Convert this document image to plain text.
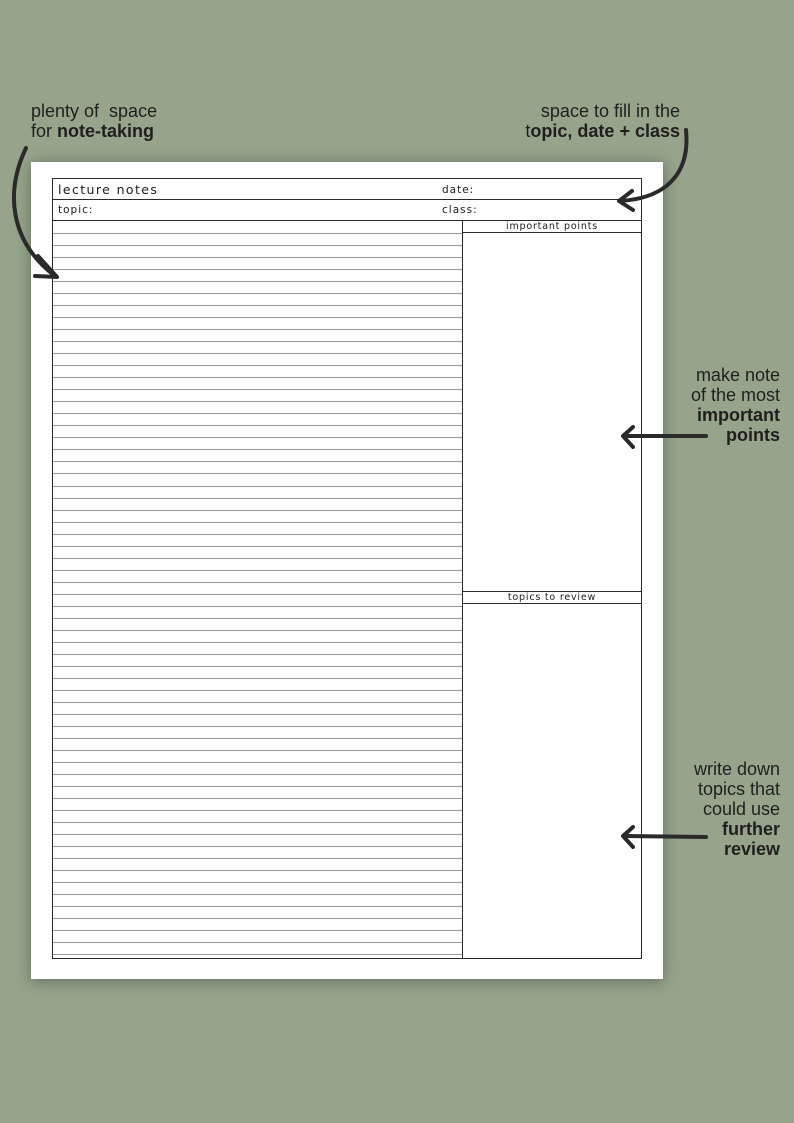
plenty of  space
for note-taking
space to fill in the
topic, date + class
make note
of the most
important
points
write down
topics that
could use
further
review
lecture notes	date:
topic:	class:
important points
topics to review
